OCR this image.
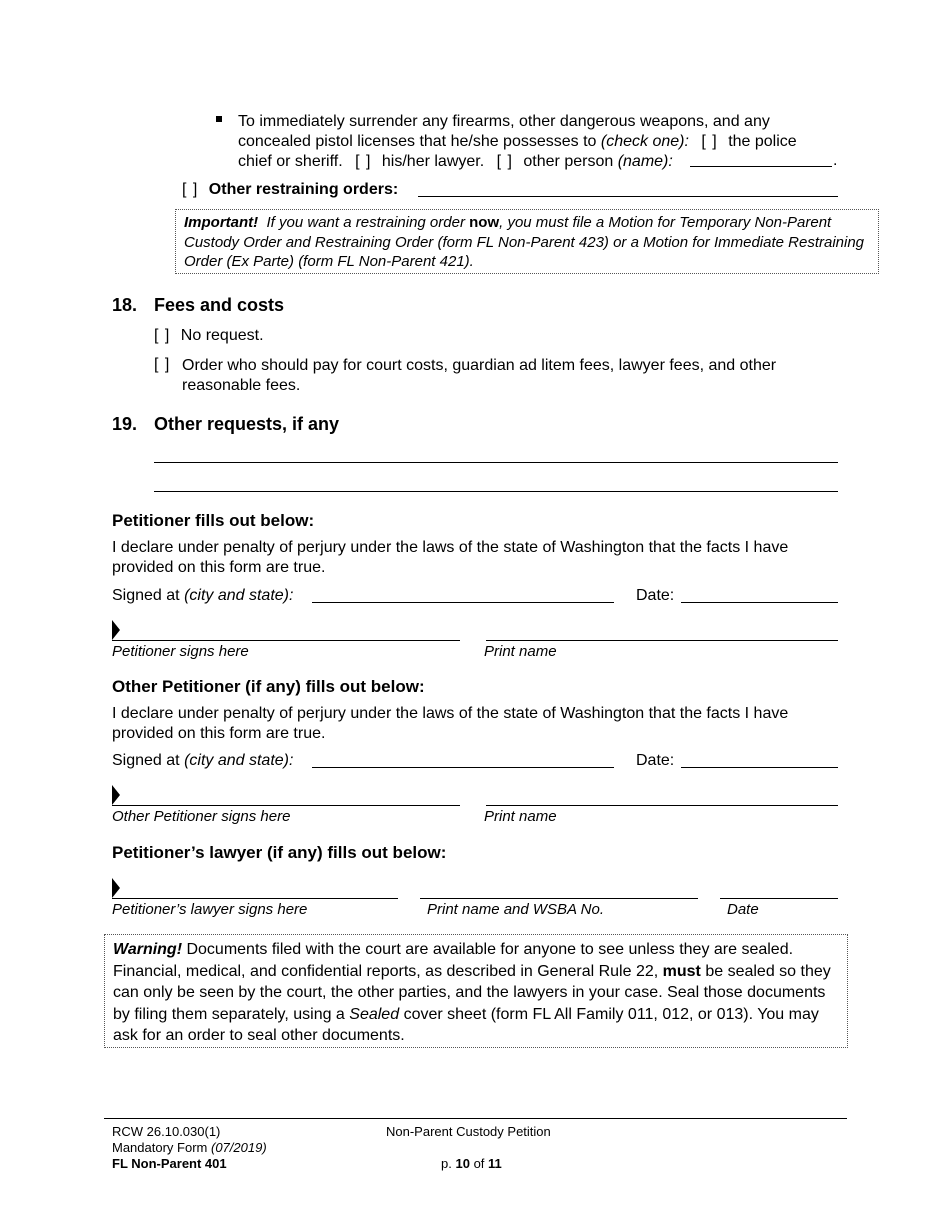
To immediately surrender any firearms, other dangerous weapons, and any
concealed pistol licenses that he/she possesses to (check one): [ ] the police
chief or sheriff. [ ] his/her lawyer. [ ] other person (name):	.
[ ] Other restraining orders:
Important! If you want a restraining order now, you must file a Motion for Temporary Non-Parent Custody Order and Restraining Order (form FL Non-Parent 423) or a Motion for Immediate Restraining Order (Ex Parte) (form FL Non-Parent 421).
18. Fees and costs
[ ] No request.
[ ] Order who should pay for court costs, guardian ad litem fees, lawyer fees, and other
reasonable fees.
19. Other requests, if any
Petitioner fills out below:
I declare under penalty of perjury under the laws of the state of Washington that the facts I have
provided on this form are true.
Signed at (city and state):	Date:
Petitioner signs here	Print name
Other Petitioner (if any) fills out below:
I declare under penalty of perjury under the laws of the state of Washington that the facts I have
provided on this form are true.
Signed at (city and state):	Date:
Other Petitioner signs here	Print name
Petitioner’s lawyer (if any) fills out below:
Petitioner’s lawyer signs here	Print name and WSBA No.	Date
Warning! Documents filed with the court are available for anyone to see unless they are sealed. Financial, medical, and confidential reports, as described in General Rule 22, must be sealed so they can only be seen by the court, the other parties, and the lawyers in your case. Seal those documents by filing them separately, using a Sealed cover sheet (form FL All Family 011, 012, or 013). You may ask for an order to seal other documents.
RCW 26.10.030(1)
Mandatory Form (07/2019)
FL Non-Parent 401
Non-Parent Custody Petition
p. 10 of 11
